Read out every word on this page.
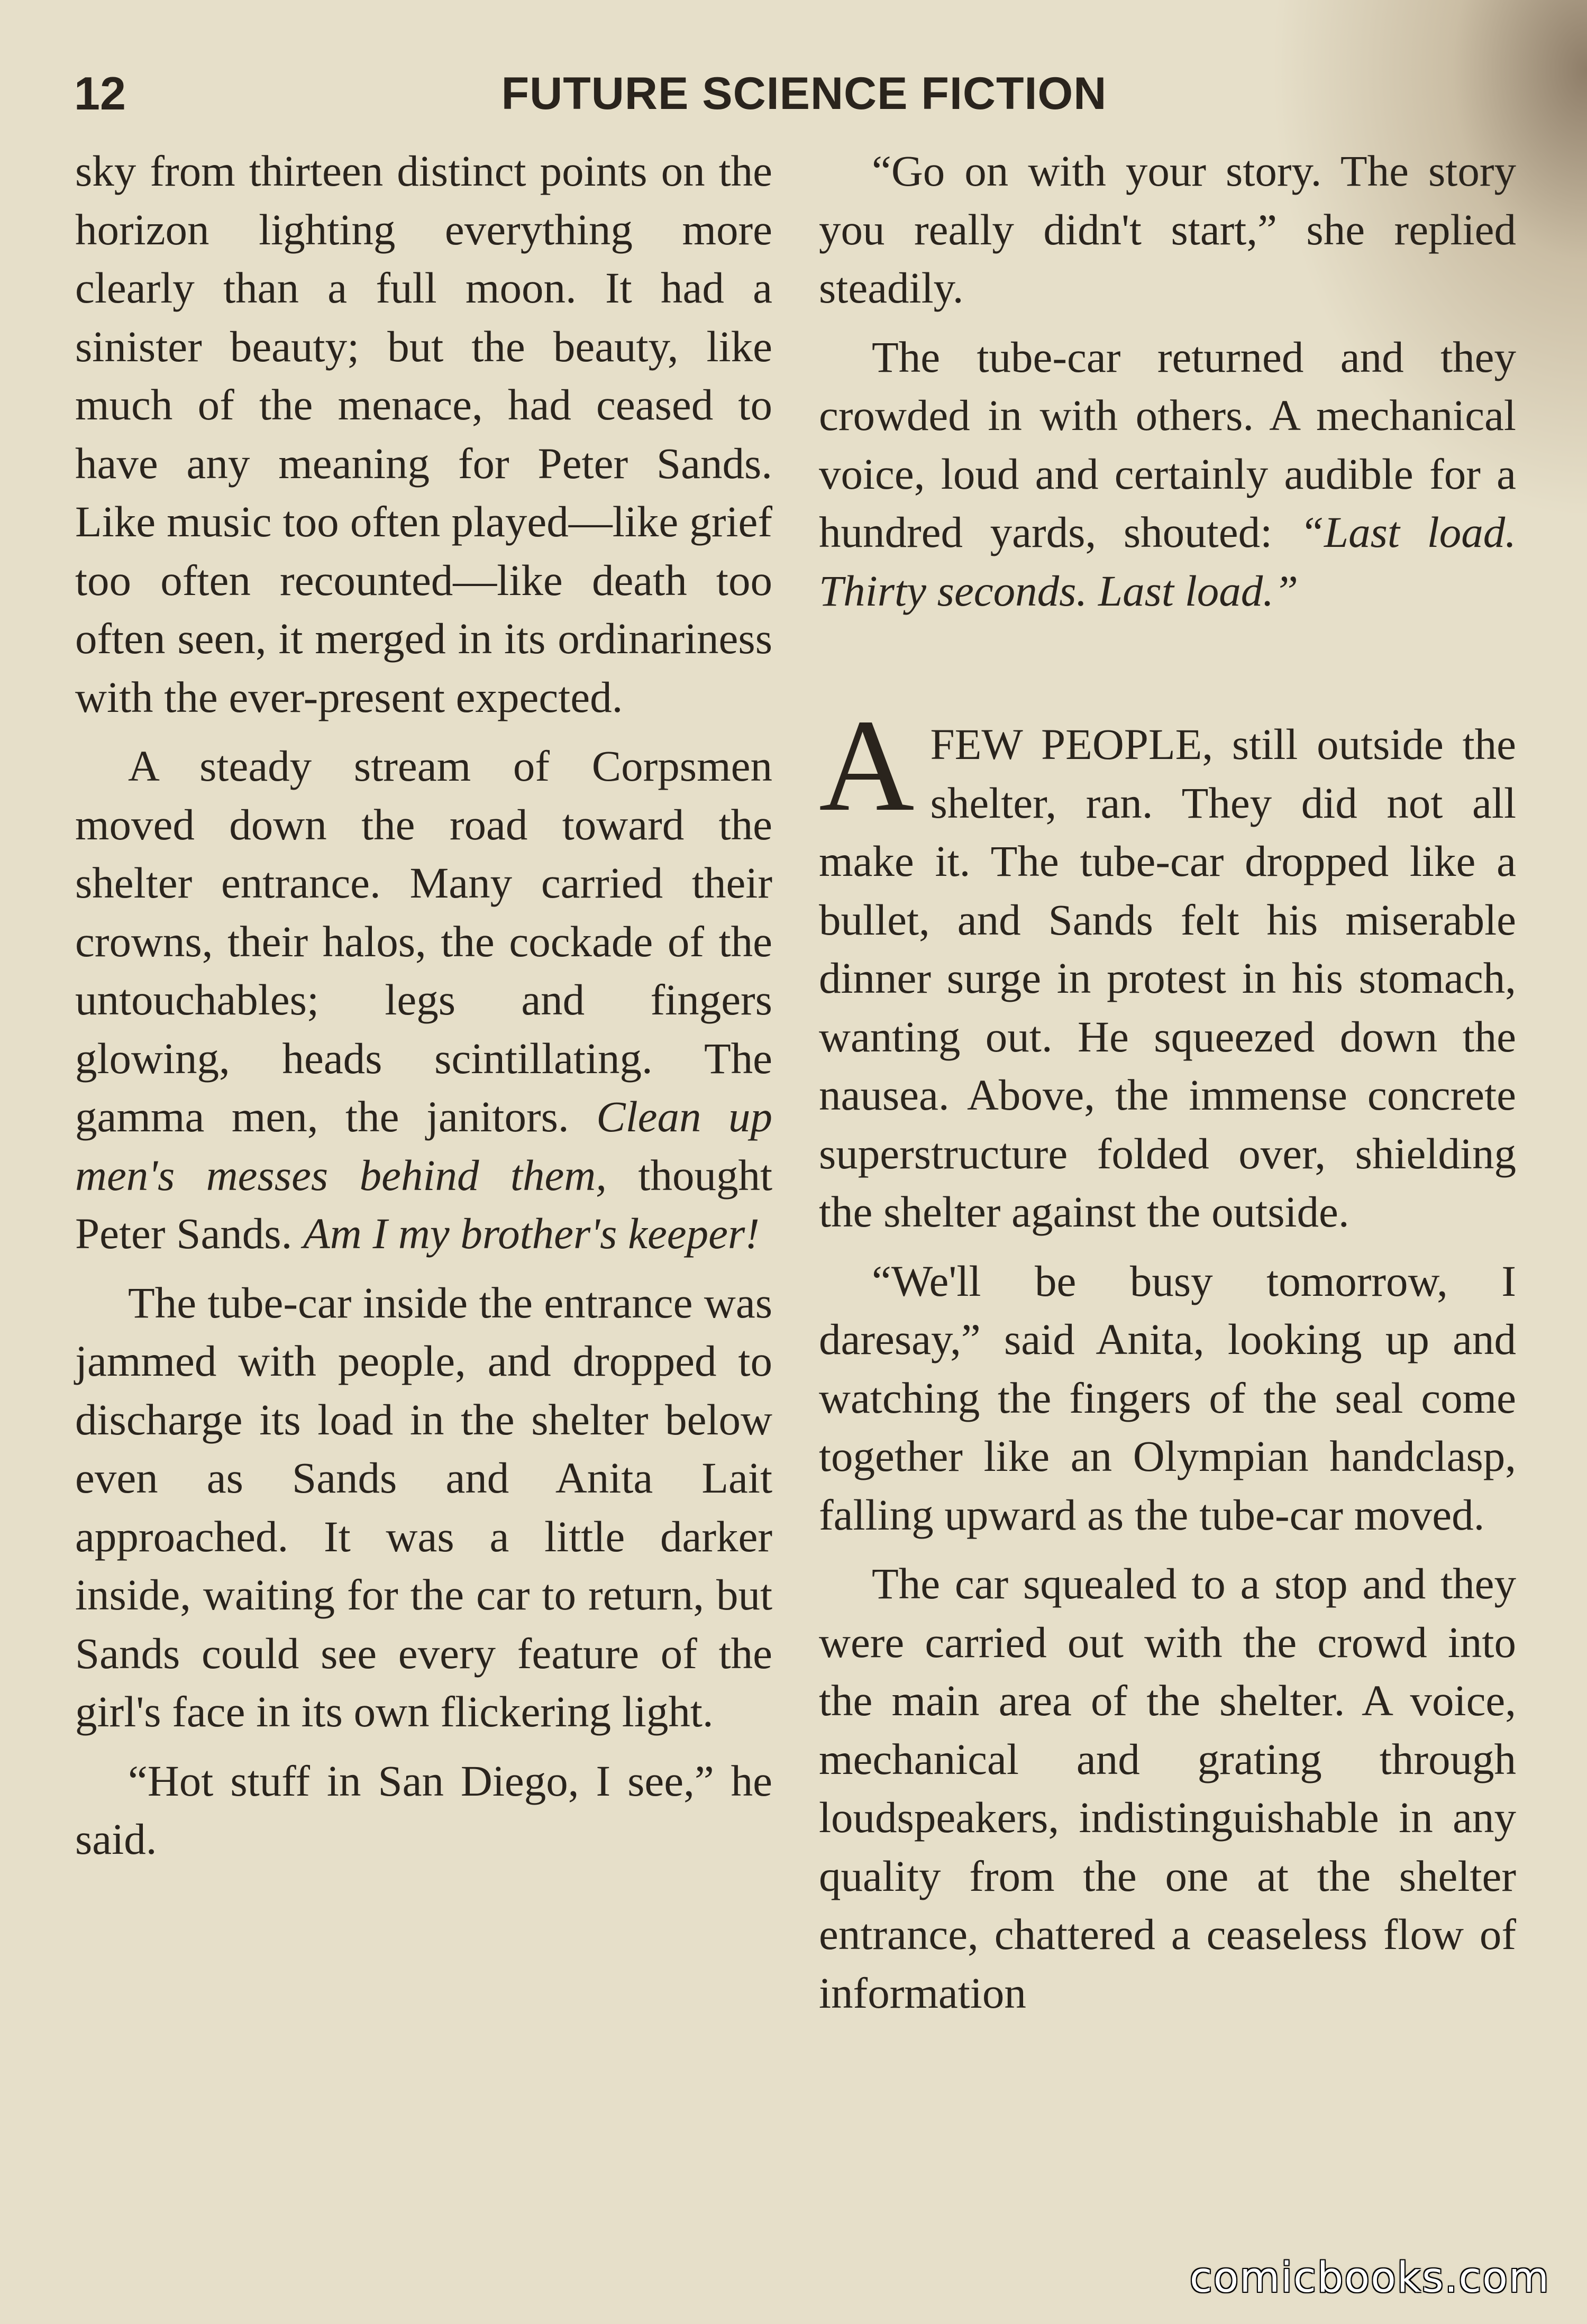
12	FUTURE SCIENCE FICTION

sky from thirteen distinct points on the horizon lighting everything more clearly than a full moon. It had a sinister beauty; but the beauty, like much of the menace, had ceased to have any meaning for Peter Sands. Like music too often played—like grief too often recounted—like death too often seen, it merged in its ordinariness with the ever-present expected.

A steady stream of Corpsmen moved down the road toward the shelter entrance. Many carried their crowns, their halos, the cockade of the untouchables; legs and fingers glowing, heads scintillating. The gamma men, the janitors. Clean up men's messes behind them, thought Peter Sands. Am I my brother's keeper!

The tube-car inside the entrance was jammed with people, and dropped to discharge its load in the shelter below even as Sands and Anita Lait approached. It was a little darker inside, waiting for the car to return, but Sands could see every feature of the girl's face in its own flickering light.

“Hot stuff in San Diego, I see,” he said.

“Go on with your story. The story you really didn't start,” she replied steadily.

The tube-car returned and they crowded in with others. A mechanical voice, loud and certainly audible for a hundred yards, shouted: “Last load. Thirty seconds. Last load.”

AFEW PEOPLE, still outside the shelter, ran. They did not all make it. The tube-car dropped like a bullet, and Sands felt his miserable dinner surge in protest in his stomach, wanting out. He squeezed down the nausea. Above, the immense concrete superstructure folded over, shielding the shelter against the outside.

“We'll be busy tomorrow, I daresay,” said Anita, looking up and watching the fingers of the seal come together like an Olympian handclasp, falling upward as the tube-car moved.

The car squealed to a stop and they were carried out with the crowd into the main area of the shelter. A voice, mechanical and grating through loudspeakers, indistinguishable in any quality from the one at the shelter entrance, chattered a ceaseless flow of information

comicbooks.com
